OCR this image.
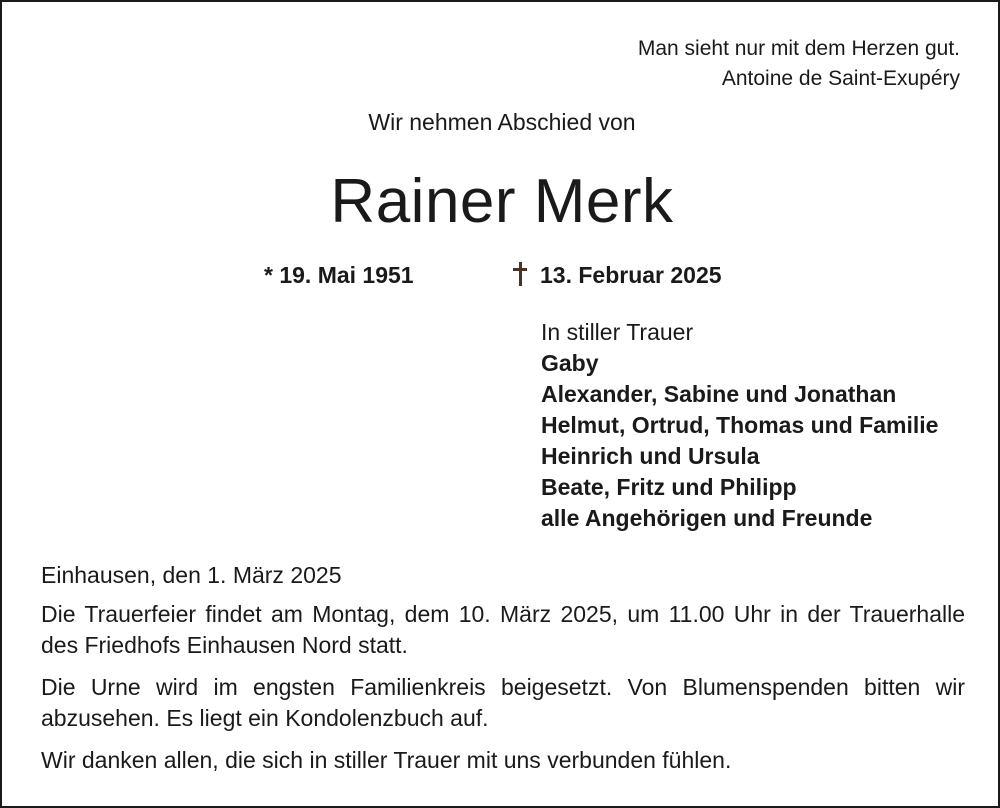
Man sieht nur mit dem Herzen gut.
Antoine de Saint-Exupéry
Wir nehmen Abschied von
Rainer Merk
* 19. Mai 1951	13. Februar 2025
In stiller Trauer
Gaby
Alexander, Sabine und Jonathan
Helmut, Ortrud, Thomas und Familie
Heinrich und Ursula
Beate, Fritz und Philipp
alle Angehörigen und Freunde

Einhausen, den 1. März 2025

Die Trauerfeier findet am Montag, dem 10. März 2025, um 11.00 Uhr in der Trauerhalle des Friedhofs Einhausen Nord statt.

Die Urne wird im engsten Familienkreis beigesetzt. Von Blumenspenden bitten wir abzusehen. Es liegt ein Kondolenzbuch auf.

Wir danken allen, die sich in stiller Trauer mit uns verbunden fühlen.
